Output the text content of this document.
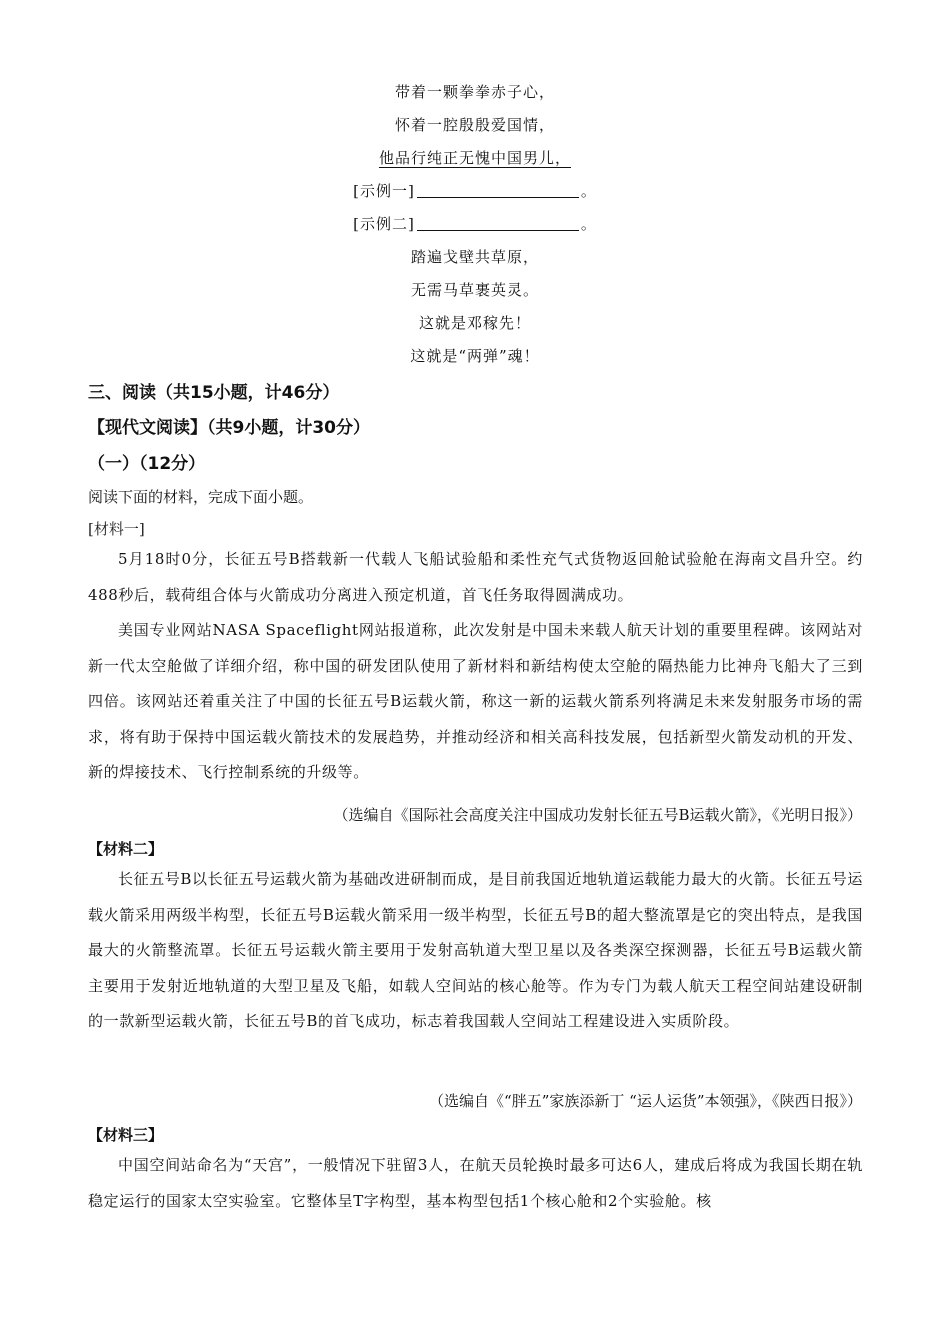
带着一颗拳拳赤子心，
怀着一腔殷殷爱国情，
他品行纯正无愧中国男儿，
[示例一]	。
[示例二]	。
踏遍戈壁共草原，
无需马草裹英灵。
这就是邓稼先！
这就是“两弹”魂！
三、阅读（共15小题，计46分）
【现代文阅读】（共9小题，计30分）
（一）（12分）
阅读下面的材料，完成下面小题。
[材料一]
5月18时0分，长征五号B搭载新一代载人飞船试验船和柔性充气式货物返回舱试验舱在海南文昌升空。约488秒后，载荷组合体与火箭成功分离进入预定机道，首飞任务取得圆满成功。
美国专业网站NASA Spaceflight网站报道称，此次发射是中国未来载人航天计划的重要里程碑。该网站对新一代太空舱做了详细介绍，称中国的研发团队使用了新材料和新结构使太空舱的隔热能力比神舟飞船大了三到四倍。该网站还着重关注了中国的长征五号B运载火箭，称这一新的运载火箭系列将满足未来发射服务市场的需求，将有助于保持中国运载火箭技术的发展趋势，并推动经济和相关高科技发展，包括新型火箭发动机的开发、新的焊接技术、飞行控制系统的升级等。
（选编自《国际社会高度关注中国成功发射长征五号B运载火箭》，《光明日报》）
【材料二】
长征五号B以长征五号运载火箭为基础改进研制而成，是目前我国近地轨道运载能力最大的火箭。长征五号运载火箭采用两级半构型，长征五号B运载火箭采用一级半构型，长征五号B的超大整流罩是它的突出特点，是我国最大的火箭整流罩。长征五号运载火箭主要用于发射高轨道大型卫星以及各类深空探测器，长征五号B运载火箭主要用于发射近地轨道的大型卫星及飞船，如载人空间站的核心舱等。作为专门为载人航天工程空间站建设研制的一款新型运载火箭，长征五号B的首飞成功，标志着我国载人空间站工程建设进入实质阶段。
（选编自《“胖五”家族添新丁 “运人运货”本领强》，《陕西日报》）
【材料三】
中国空间站命名为“天宫”，一般情况下驻留3人，在航天员轮换时最多可达6人，建成后将成为我国长期在轨稳定运行的国家太空实验室。它整体呈T字构型，基本构型包括1个核心舱和2个实验舱。核
